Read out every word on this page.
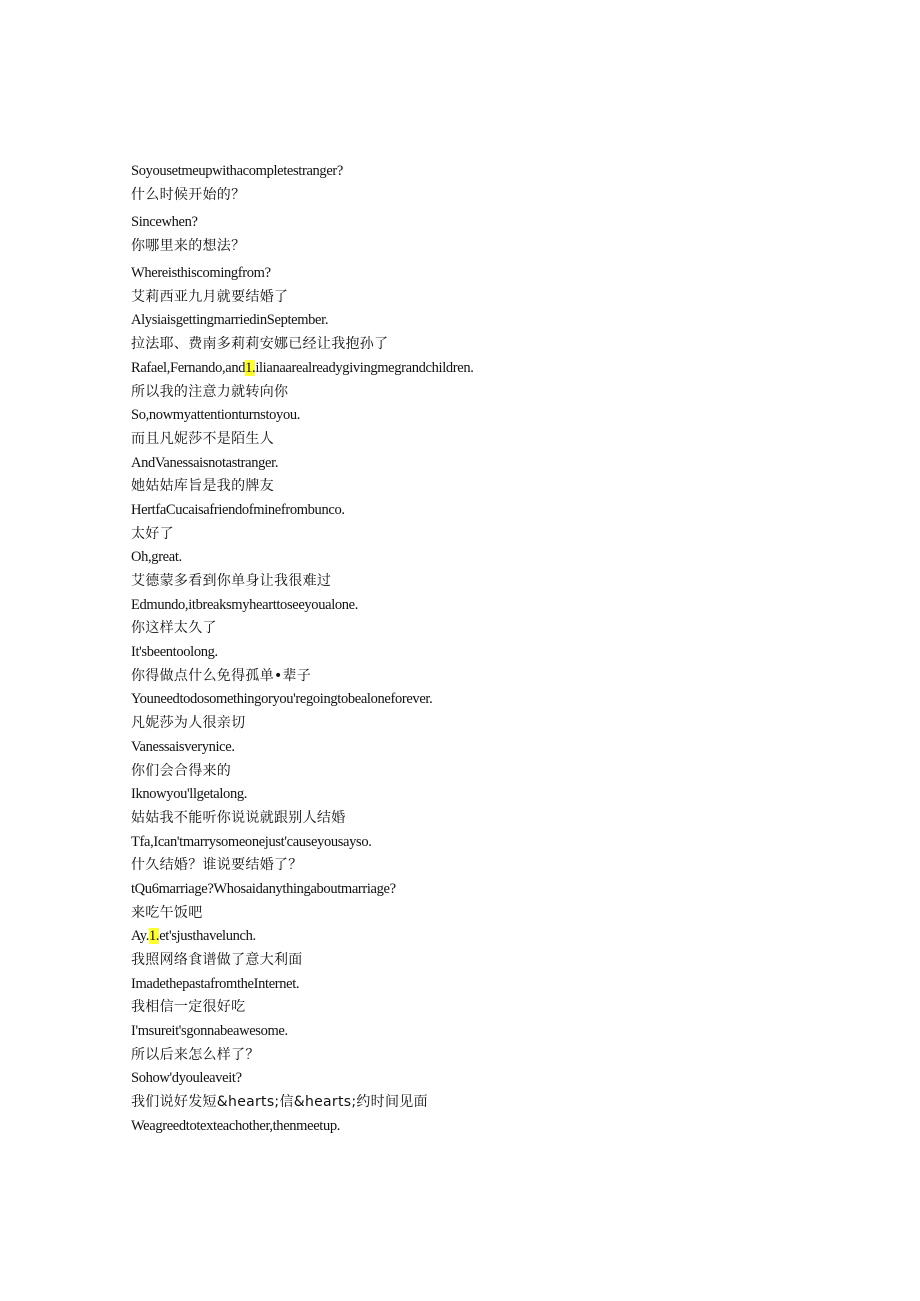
Soyousetmeupwithacompletestranger?
什么时候开始的？
Sincewhen?
你哪里来的想法？
Whereisthiscomingfrom?
艾莉西亚九月就要结婚了
AlysiaisgettingmarriedinSeptember.
拉法耶、费南多莉莉安娜已经让我抱孙了
Rafael,Fernando,and1.ilianaarealreadygivingmegrandchildren.
所以我的注意力就转向你
So,nowmyattentionturnstoyou.
而且凡妮莎不是陌生人
AndVanessaisnotastranger.
她姑姑库旨是我的牌友
HertfaCucaisafriendofminefrombunco.
太好了
Oh,great.
艾德蒙多看到你单身让我很难过
Edmundo,itbreaksmyhearttoseeyoualone.
你这样太久了
It'sbeentoolong.
你得做点什么免得孤单•辈子
Youneedtodosomethingoryou'regoingtobealoneforever.
凡妮莎为人很亲切
Vanessaisverynice.
你们会合得来的
Iknowyou'llgetalong.
姑姑我不能听你说说就跟别人结婚
Tfa,Ican'tmarrysomeonejust'causeyousayso.
什久结婚？谁说要结婚了？
tQu6marriage?Whosaidanythingaboutmarriage?
来吃午饭吧
Ay.1.et'sjusthavelunch.
我照网络食谱做了意大利面
ImadethepastafromtheInternet.
我相信一定很好吃
I'msureit'sgonnabeawesome.
所以后来怎么样了？
Sohow'dyouleaveit?
我们说好发短&hearts;信&hearts;约时间见面
Weagreedtotexteachother,thenmeetup.
